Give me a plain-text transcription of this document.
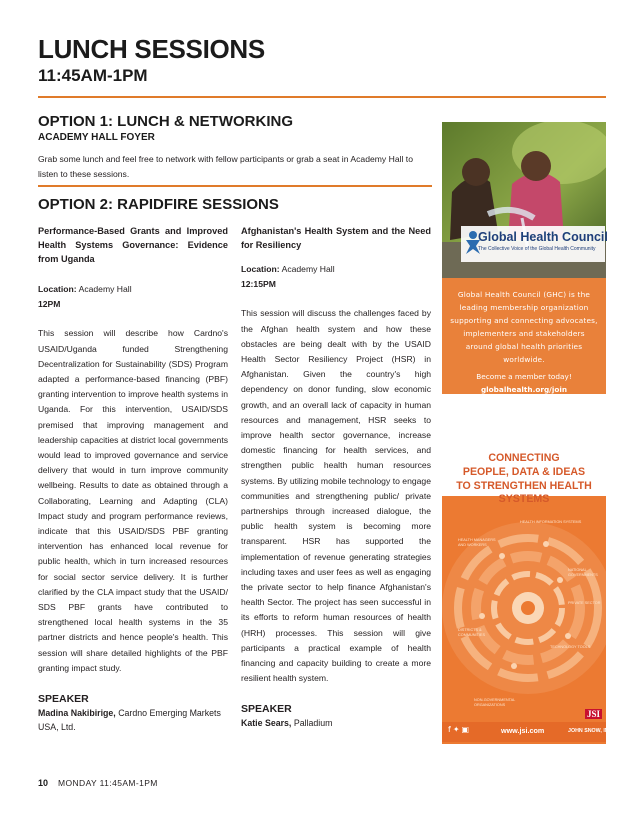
LUNCH SESSIONS
11:45AM-1PM
OPTION 1: LUNCH & NETWORKING
ACADEMY HALL FOYER
Grab some lunch and feel free to network with fellow participants or grab a seat in Academy Hall to listen to these sessions.
OPTION 2: RAPIDFIRE SESSIONS
Performance-Based Grants and Improved Health Systems Governance: Evidence from Uganda

Location: Academy Hall

12PM

This session will describe how Cardno's USAID/Uganda funded Strengthening Decentralization for Sustainability (SDS) Program adapted a performance-based financing (PBF) granting intervention to improve health systems in Uganda. For this intervention, USAID/SDS premised that improving management and leadership capacities at district local governments would lead to improved governance and service delivery that would in turn improve community wellbeing. Results to date as obtained through a Collaborating, Learning and Adapting (CLA) Impact study and program performance reviews, indicate that this USAID/SDS PBF granting intervention has enhanced local revenue for public health, which in turn increased resources for social sector service delivery. It is further clarified by the CLA impact study that the USAID/ SDS PBF grants have contributed to strengthened local health systems in the 35 partner districts and hence people's health. This session will share detailed highlights of the PBF granting impact study.

SPEAKER
Madina Nakibirige, Cardno Emerging Markets USA, Ltd.
Afghanistan's Health System and the Need for Resiliency

Location: Academy Hall

12:15PM

This session will discuss the challenges faced by the Afghan health system and how these obstacles are being dealt with by the USAID Health Sector Resiliency Project (HSR) in Afghanistan. Given the country's high dependency on donor funding, slow economic growth, and an overall lack of capacity in human resources and management, HSR seeks to improve health sector governance, increase domestic financing for health services, and strengthen public health human resources systems. By utilizing mobile technology to engage communities and strengthening public/ private partnerships through increased dialogue, the public health system is becoming more transparent. HSR has supported the implementation of revenue generating strategies including taxes and user fees as well as engaging the private sector to help finance Afghanistan's health Sector. The project has seen successful in its efforts to reform human resources of health (HRH) processes. This session will give participants a practical example of health financing and capacity building to create a more resilient health system.

SPEAKER
Katie Sears, Palladium
Global Health Council
The Collective Voice of the Global Health Community
Global Health Council (GHC) is the leading membership organization supporting and connecting advocates, implementers and stakeholders around global health priorities worldwide.
Become a member today!
globalhealth.org/join
HEALTH INFORMATION SYSTEMS
HEALTH MANAGERS
AND WORKERS
NATIONAL
GOVERNMENTS
PRIVATE SECTOR
DISTRICTS &
COMMUNITIES
TECHNOLOGY TOOLS
NON-GOVERNMENTAL
ORGANIZATIONS
CONNECTING
PEOPLE, DATA & IDEAS
TO STRENGTHEN HEALTH SYSTEMS
f✦▣	www.jsi.com
JSI
JOHN SNOW, INC.
10 MONDAY 11:45AM-1PM
